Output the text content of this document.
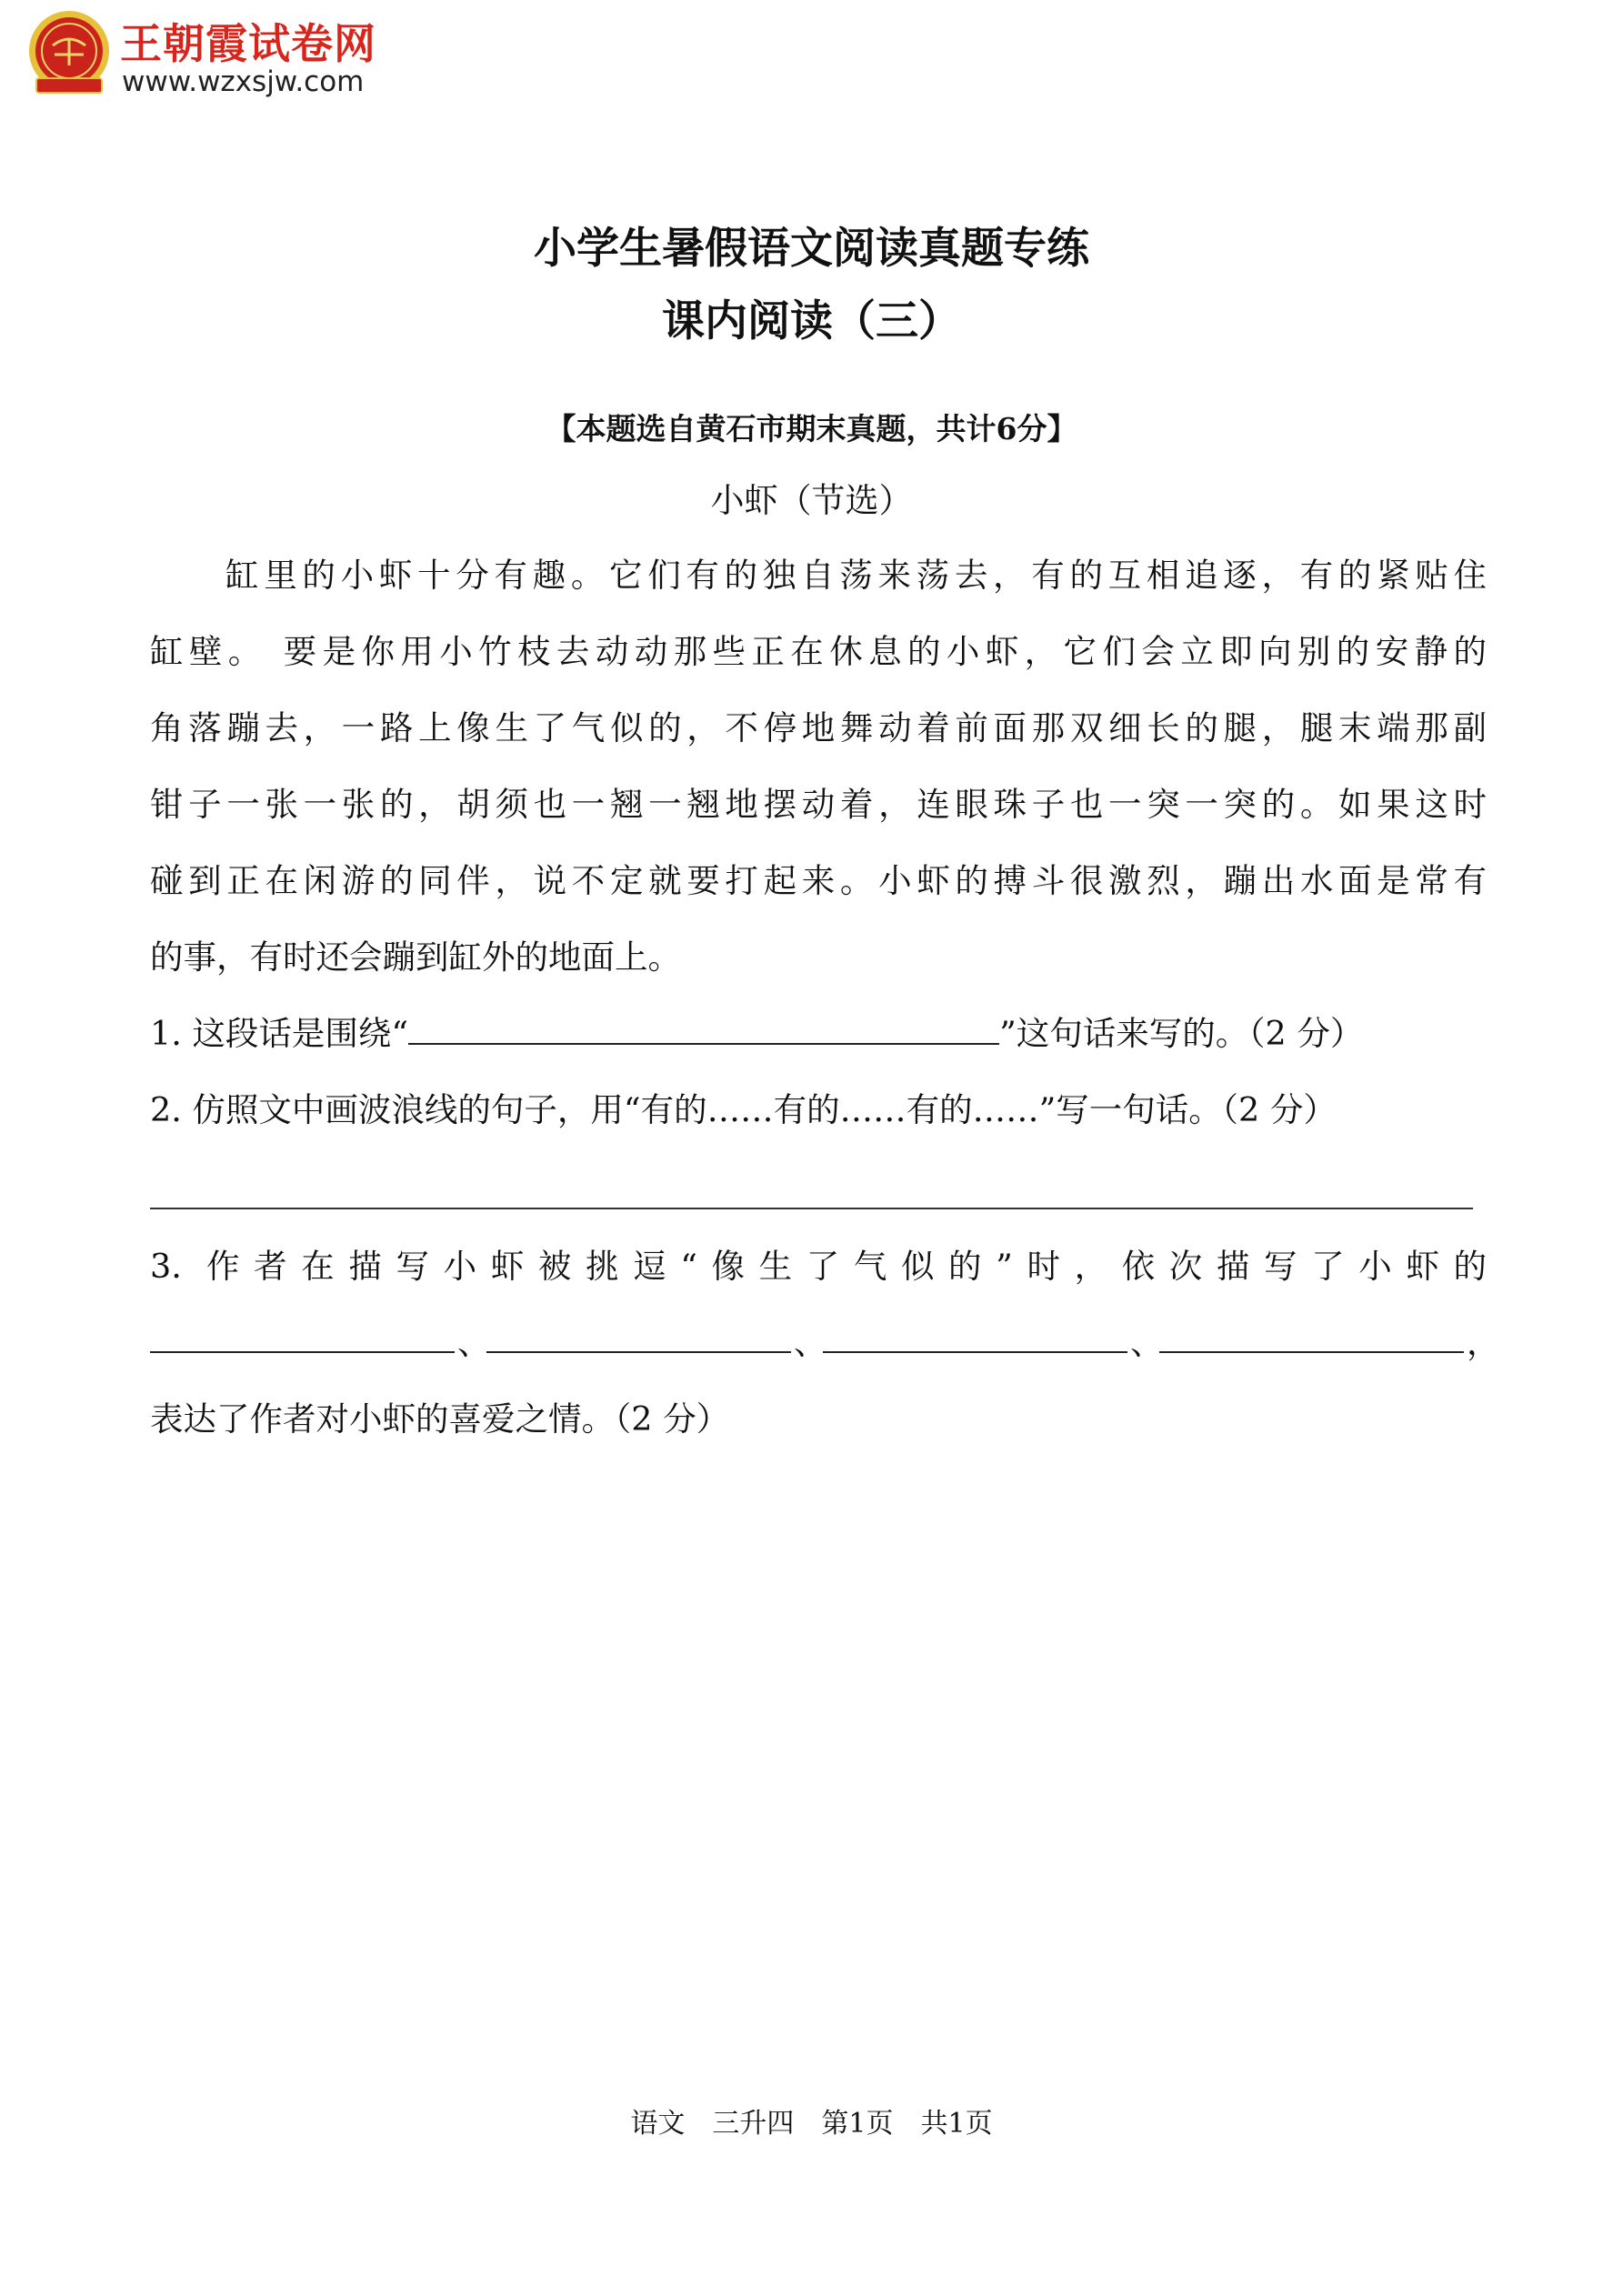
王朝霞试卷网
www.wzxsjw.com
小学生暑假语文阅读真题专练
课内阅读（三）
【本题选自黄石市期末真题，共计6分】
小虾（节选）
缸里的小虾十分有趣。它们有的独自荡来荡去，有的互相追逐，有的紧贴住
缸壁。 要是你用小竹枝去动动那些正在休息的小虾，它们会立即向别的安静的
角落蹦去，一路上像生了气似的，不停地舞动着前面那双细长的腿，腿末端那副
钳子一张一张的，胡须也一翘一翘地摆动着，连眼珠子也一突一突的。如果这时
碰到正在闲游的同伴，说不定就要打起来。小虾的搏斗很激烈，蹦出水面是常有
的事，有时还会蹦到缸外的地面上。
1. 这段话是围绕“	”这句话来写的。（2 分）
2. 仿照文中画波浪线的句子，用“有的……有的……有的……”写一句话。（2 分）
3. 作者在描写小虾被挑逗“像生了气似的”时，依次描写了小虾的
、	、	、	，
表达了作者对小虾的喜爱之情。（2 分）
语文　三升四　第1页　共1页
